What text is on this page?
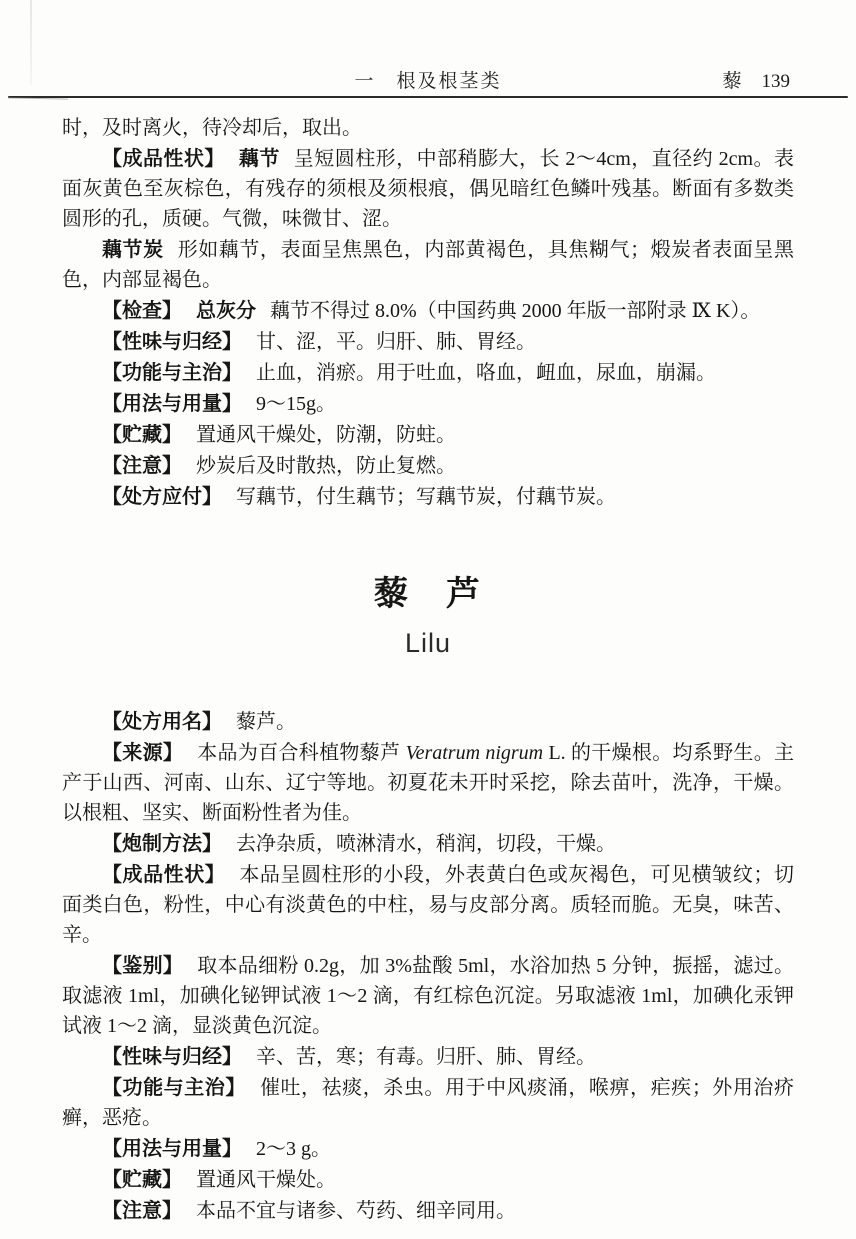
一　根及根茎类	藜 139

时，及时离火，待冷却后，取出。

【成品性状】 藕节 呈短圆柱形，中部稍膨大，长 2～4cm，直径约 2cm。表面灰黄色至灰棕色，有残存的须根及须根痕，偶见暗红色鳞叶残基。断面有多数类圆形的孔，质硬。气微，味微甘、涩。

藕节炭 形如藕节，表面呈焦黑色，内部黄褐色，具焦糊气；煅炭者表面呈黑色，内部显褐色。

【检查】 总灰分 藕节不得过 8.0%（中国药典 2000 年版一部附录 Ⅸ K）。

【性味与归经】 甘、涩，平。归肝、肺、胃经。

【功能与主治】 止血，消瘀。用于吐血，咯血，衄血，尿血，崩漏。

【用法与用量】 9～15g。

【贮藏】 置通风干燥处，防潮，防蛀。

【注意】 炒炭后及时散热，防止复燃。

【处方应付】 写藕节，付生藕节；写藕节炭，付藕节炭。

藜　芦
Lilu

【处方用名】 藜芦。

【来源】 本品为百合科植物藜芦 Veratrum nigrum L. 的干燥根。均系野生。主产于山西、河南、山东、辽宁等地。初夏花未开时采挖，除去苗叶，洗净，干燥。以根粗、坚实、断面粉性者为佳。

【炮制方法】 去净杂质，喷淋清水，稍润，切段，干燥。

【成品性状】 本品呈圆柱形的小段，外表黄白色或灰褐色，可见横皱纹；切面类白色，粉性，中心有淡黄色的中柱，易与皮部分离。质轻而脆。无臭，味苦、辛。

【鉴别】 取本品细粉 0.2g，加 3%盐酸 5ml，水浴加热 5 分钟，振摇，滤过。取滤液 1ml，加碘化铋钾试液 1～2 滴，有红棕色沉淀。另取滤液 1ml，加碘化汞钾试液 1～2 滴，显淡黄色沉淀。

【性味与归经】 辛、苦，寒；有毒。归肝、肺、胃经。

【功能与主治】 催吐，祛痰，杀虫。用于中风痰涌，喉痹，疟疾；外用治疥癣，恶疮。

【用法与用量】 2～3 g。

【贮藏】 置通风干燥处。

【注意】 本品不宜与诸参、芍药、细辛同用。
